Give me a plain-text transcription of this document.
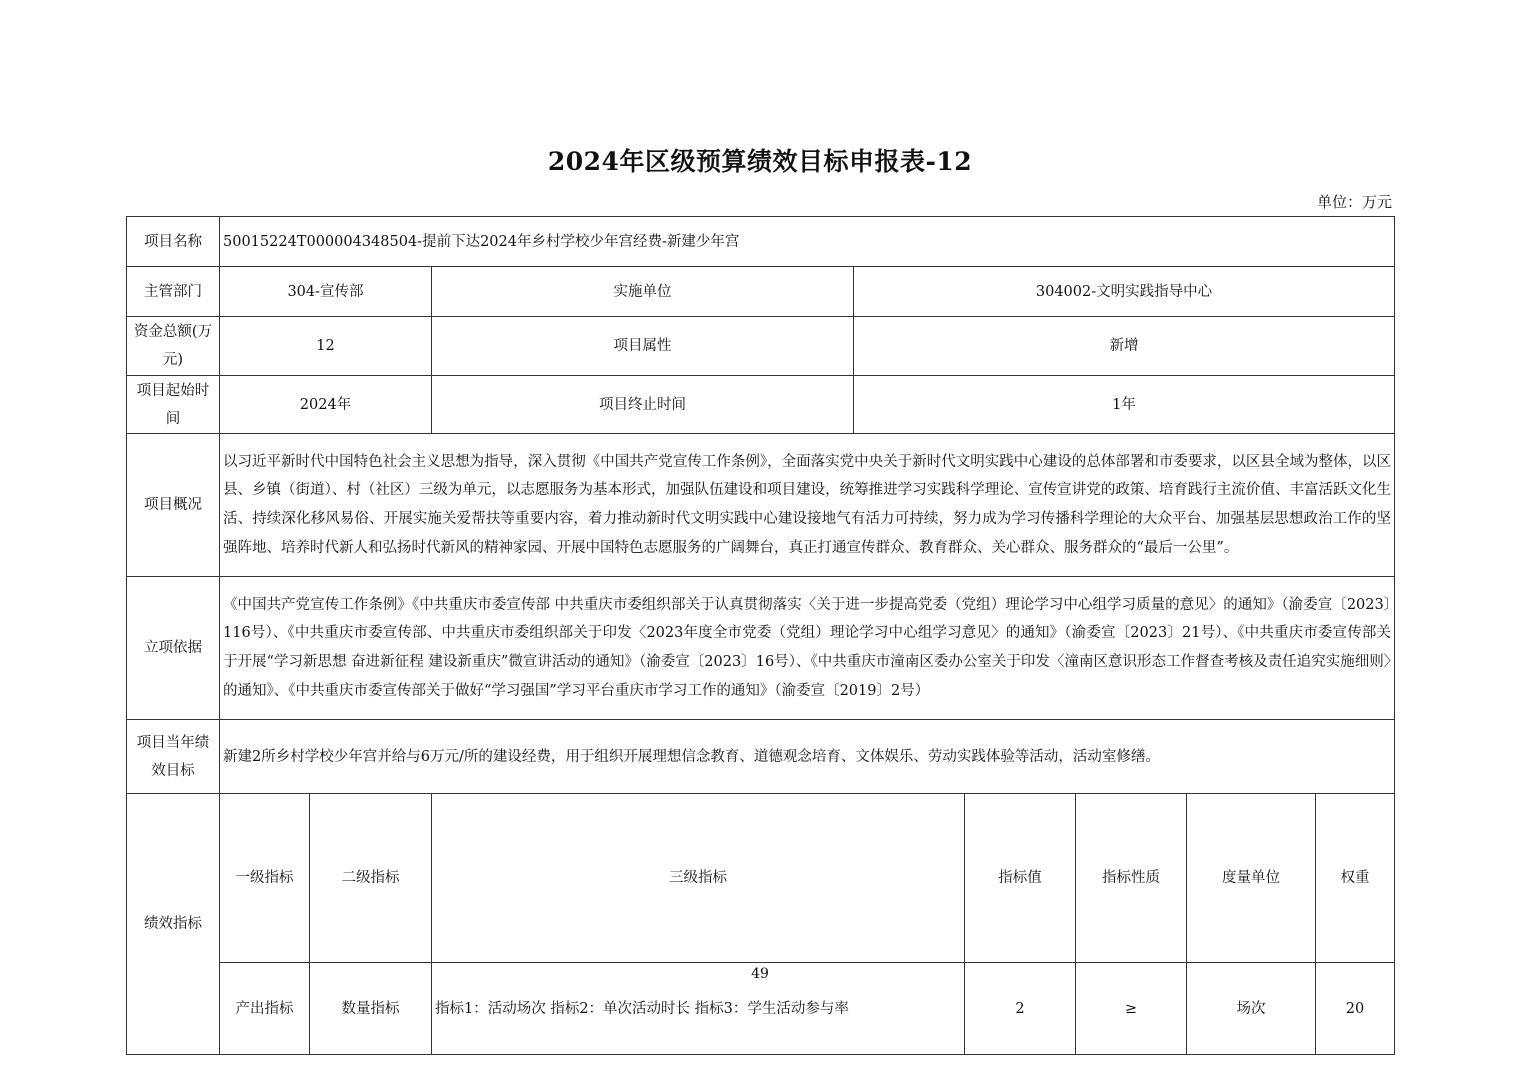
2024年区级预算绩效目标申报表-12
单位：万元
项目名称	50015224T000004348504-提前下达2024年乡村学校少年宫经费-新建少年宫								
主管部门	304-宣传部		实施单位	304002-文明实践指导中心					
资金总额(万元)	12		项目属性	新增					
项目起始时间	2024年		项目终止时间	1年					
项目概况	以习近平新时代中国特色社会主义思想为指导，深入贯彻《中国共产党宣传工作条例》，全面落实党中央关于新时代文明实践中心建设的总体部署和市委要求，以区县全域为整体，以区县、乡镇（街道）、村（社区）三级为单元，以志愿服务为基本形式，加强队伍建设和项目建设，统筹推进学习实践科学理论、宣传宣讲党的政策、培育践行主流价值、丰富活跃文化生活、持续深化移风易俗、开展实施关爱帮扶等重要内容，着力推动新时代文明实践中心建设接地气有活力可持续，努力成为学习传播科学理论的大众平台、加强基层思想政治工作的坚强阵地、培养时代新人和弘扬时代新风的精神家园、开展中国特色志愿服务的广阔舞台，真正打通宣传群众、教育群众、关心群众、服务群众的“最后一公里”。								
立项依据	《中国共产党宣传工作条例》《中共重庆市委宣传部 中共重庆市委组织部关于认真贯彻落实〈关于进一步提高党委（党组）理论学习中心组学习质量的意见〉的通知》（渝委宣〔2023〕116号）、《中共重庆市委宣传部、中共重庆市委组织部关于印发〈2023年度全市党委（党组）理论学习中心组学习意见〉的通知》（渝委宣〔2023〕21号）、《中共重庆市委宣传部关于开展“学习新思想 奋进新征程 建设新重庆”微宣讲活动的通知》（渝委宣〔2023〕16号）、《中共重庆市潼南区委办公室关于印发〈潼南区意识形态工作督查考核及责任追究实施细则〉的通知》、《中共重庆市委宣传部关于做好“学习强国”学习平台重庆市学习工作的通知》（渝委宣〔2019〕2号）								
项目当年绩效目标	新建2所乡村学校少年宫并给与6万元/所的建设经费，用于组织开展理想信念教育、道德观念培育、文体娱乐、劳动实践体验等活动，活动室修缮。								
绩效指标	一级指标	二级指标	三级指标		指标值	指标性质	度量单位	权重	
	产出指标	数量指标	指标1：活动场次 指标2：单次活动时长 指标3：学生活动参与率		2	≥	场次	20	
49
